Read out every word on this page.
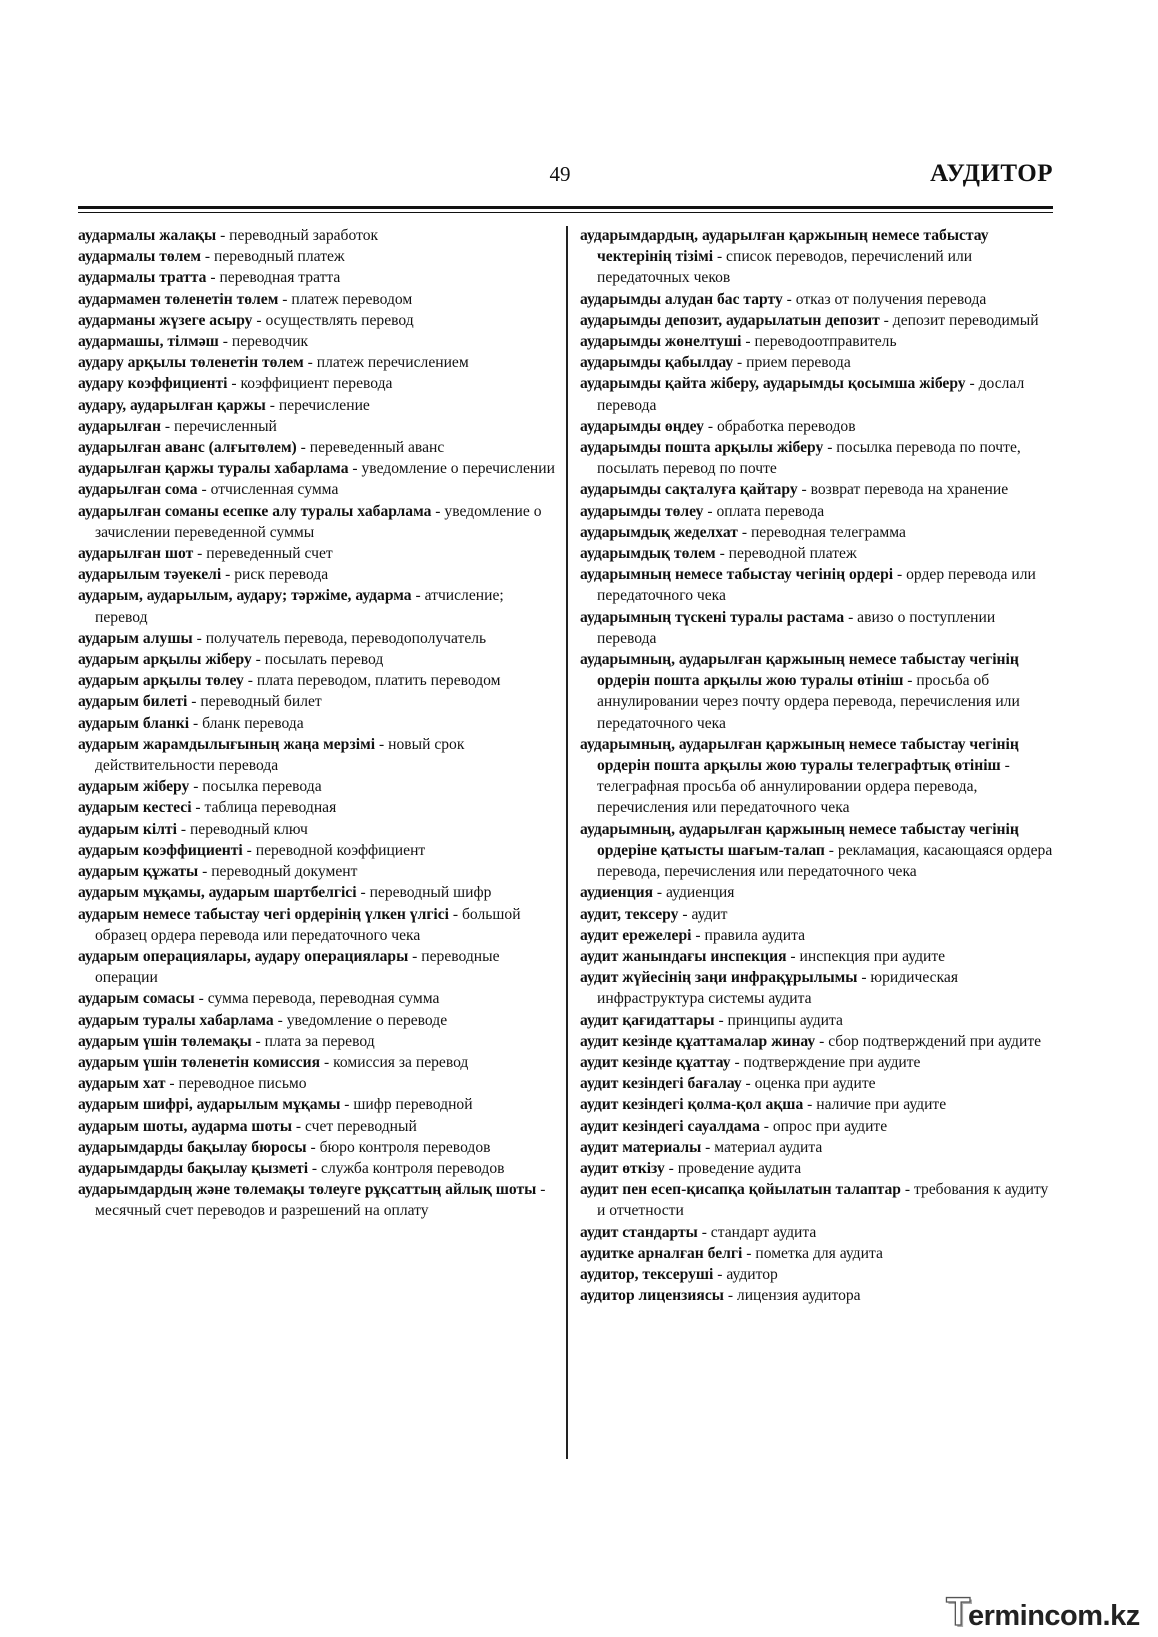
49	АУДИТОР

аудармалы жалақы - переводный заработок

аудармалы төлем - переводный платеж

аудармалы тратта - переводная тратта

аудармамен төленетін төлем - платеж переводом

аударманы жүзеге асыру - осуществлять перевод

аудармашы, тілмәш - переводчик

аудару арқылы төленетін төлем - платеж перечислением

аудару коэффициенті - коэффициент перевода

аудару, аударылған қаржы - перечисление

аударылған - перечисленный

аударылған аванс (алғытөлем) - переведенный аванс

аударылған қаржы туралы хабарлама - уведомление о перечислении

аударылған сома - отчисленная сумма

аударылған соманы есепке алу туралы хабарлама - уведомление о зачислении переведенной суммы

аударылған шот - переведенный счет

аударылым тәуекелі - риск перевода

аударым, аударылым, аудару; тәржіме, аударма - атчисление; перевод

аударым алушы - получатель перевода, переводополучатель

аударым арқылы жіберу - посылать перевод

аударым арқылы төлеу - плата переводом, платить переводом

аударым билеті - переводный билет

аударым бланкі - бланк перевода

аударым жарамдылығының жаңа мерзімі - новый срок действительности перевода

аударым жіберу - посылка перевода

аударым кестесі - таблица переводная

аударым кілті - переводный ключ

аударым коэффициенті - переводной коэффициент

аударым құжаты - переводный документ

аударым мұқамы, аударым шартбелгісі - переводный шифр

аударым немесе табыстау чегі ордерінің үлкен үлгісі - большой образец ордера перевода или передаточного чека

аударым операциялары, аудару операциялары - переводные операции

аударым сомасы - сумма перевода, переводная сумма

аударым туралы хабарлама - уведомление о переводе

аударым үшін төлемақы - плата за перевод

аударым үшін төленетін комиссия - комиссия за перевод

аударым хат - переводное письмо

аударым шифрі, аударылым мұқамы - шифр переводной

аударым шоты, аударма шоты - счет переводный

аударымдарды бақылау бюросы - бюро контроля переводов

аударымдарды бақылау қызметі - служба контроля переводов

аударымдардың және төлемақы төлеуге рұқсаттың айлық шоты - месячный счет переводов и разрешений на оплату

аударымдардың, аударылған қаржының немесе табыстау чектерінің тізімі - список переводов, перечислений или передаточных чеков

аударымды алудан бас тарту - отказ от получения перевода

аударымды депозит, аударылатын депозит - депозит переводимый

аударымды жөнелтуші - переводоотправитель

аударымды қабылдау - прием перевода

аударымды қайта жіберу, аударымды қосымша жіберу - дослал перевода

аударымды өңдеу - обработка переводов

аударымды пошта арқылы жіберу - посылка перевода по почте, посылать перевод по почте

аударымды сақталуға қайтару - возврат перевода на хранение

аударымды төлеу - оплата перевода

аударымдық жеделхат - переводная телеграмма

аударымдық төлем - переводной платеж

аударымның немесе табыстау чегінің ордері - ордер перевода или передаточного чека

аударымның түскені туралы растама - авизо о поступлении перевода

аударымның, аударылған қаржының немесе табыстау чегінің ордерін пошта арқылы жою туралы өтініш - просьба об аннулировании через почту ордера перевода, перечисления или передаточного чека

аударымның, аударылған қаржының немесе табыстау чегінің ордерін пошта арқылы жою туралы телеграфтық өтініш - телеграфная просьба об аннулировании ордера перевода, перечисления или передаточного чека

аударымның, аударылған қаржының немесе табыстау чегінің ордеріне қатысты шағым-талап - рекламация, касающаяся ордера перевода, перечисления или передаточного чека

аудиенция - аудиенция

аудит, тексеру - аудит

аудит ережелері - правила аудита

аудит жанындағы инспекция - инспекция при аудите

аудит жүйесінің заңи инфрақұрылымы - юридическая инфраструктура системы аудита

аудит қағидаттары - принципы аудита

аудит кезінде құаттамалар жинау - сбор подтверждений при аудите

аудит кезінде құаттау - подтверждение при аудите

аудит кезіндегі бағалау - оценка при аудите

аудит кезіндегі қолма-қол ақша - наличие при аудите

аудит кезіндегі сауалдама - опрос при аудите

аудит материалы - материал аудита

аудит өткізу - проведение аудита

аудит пен есеп-қисапқа қойылатын талаптар - требования к аудиту и отчетности

аудит стандарты - стандарт аудита

аудитке арналған белгі - пометка для аудита

аудитор, тексеруші - аудитор

аудитор лицензиясы - лицензия аудитора

Termincom.kz
